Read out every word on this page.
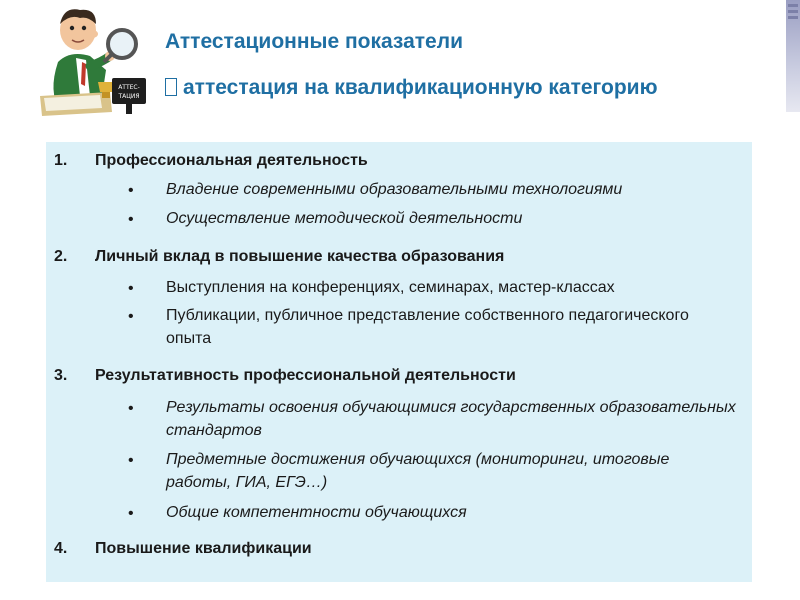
АТТЕС-
ТАЦИЯ
Аттестационные показатели
аттестация на квалификационную категорию
1. Профессиональная деятельность
• Владение современными образовательными технологиями
• Осуществление методической деятельности
2. Личный вклад в повышение качества образования
• Выступления на конференциях, семинарах, мастер-классах
• Публикации, публичное представление собственного педагогического опыта
3. Результативность профессиональной деятельности
• Результаты освоения обучающимися государственных образовательных стандартов
• Предметные достижения обучающихся (мониторинги, итоговые работы, ГИА, ЕГЭ…)
• Общие компетентности обучающихся
4. Повышение квалификации
